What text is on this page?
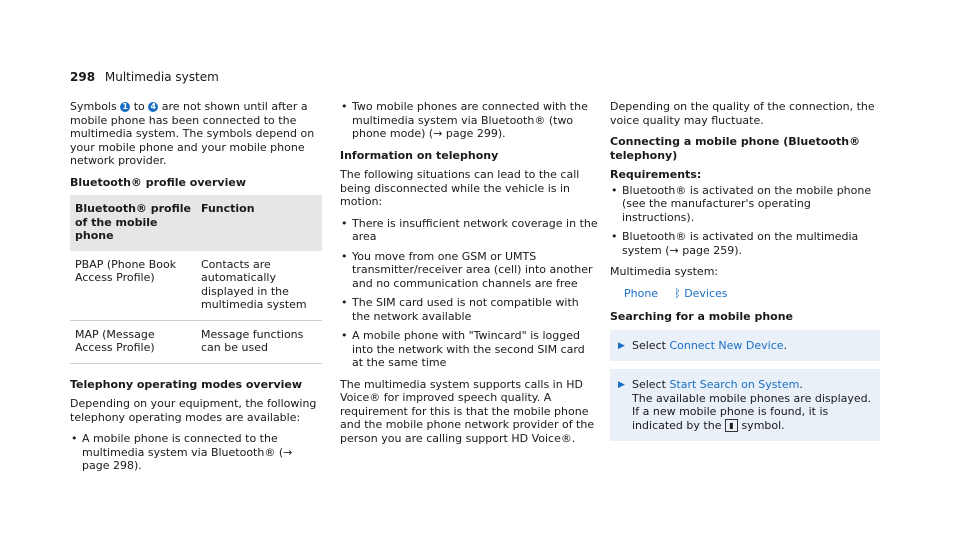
298 Multimedia system

Symbols 1 to 4 are not shown until after a mobile phone has been connected to the multimedia system. The symbols depend on your mobile phone and your mobile phone network provider.

Bluetooth® profile overview
Bluetooth® profile of the mobile phone	Function
PBAP (Phone Book Access Profile)	Contacts are automatically displayed in the multimedia system
MAP (Message Access Profile)	Message functions can be used
Telephony operating modes overview

Depending on your equipment, the following telephony operating modes are available:

• A mobile phone is connected to the multimedia system via Bluetooth® (→ page 298).
• Two mobile phones are connected with the multimedia system via Bluetooth® (two phone mode) (→ page 299).
Information on telephony

The following situations can lead to the call being disconnected while the vehicle is in motion:

• There is insufficient network coverage in the area
• You move from one GSM or UMTS transmitter/receiver area (cell) into another and no communication channels are free
• The SIM card used is not compatible with the network available
• A mobile phone with "Twincard" is logged into the network with the second SIM card at the same time

The multimedia system supports calls in HD Voice® for improved speech quality. A requirement for this is that the mobile phone and the mobile phone network provider of the person you are calling support HD Voice®.

Depending on the quality of the connection, the voice quality may fluctuate.

Connecting a mobile phone (Bluetooth® telephony)
Requirements:
• Bluetooth® is activated on the mobile phone (see the manufacturer's operating instructions).
• Bluetooth® is activated on the multimedia system (→ page 259).

Multimedia system:

Phone ᛒ Devices
Searching for a mobile phone
▶ Select Connect New Device.
▶ Select Start Search on System.
The available mobile phones are displayed. If a new mobile phone is found, it is indicated by the ▮ symbol.
